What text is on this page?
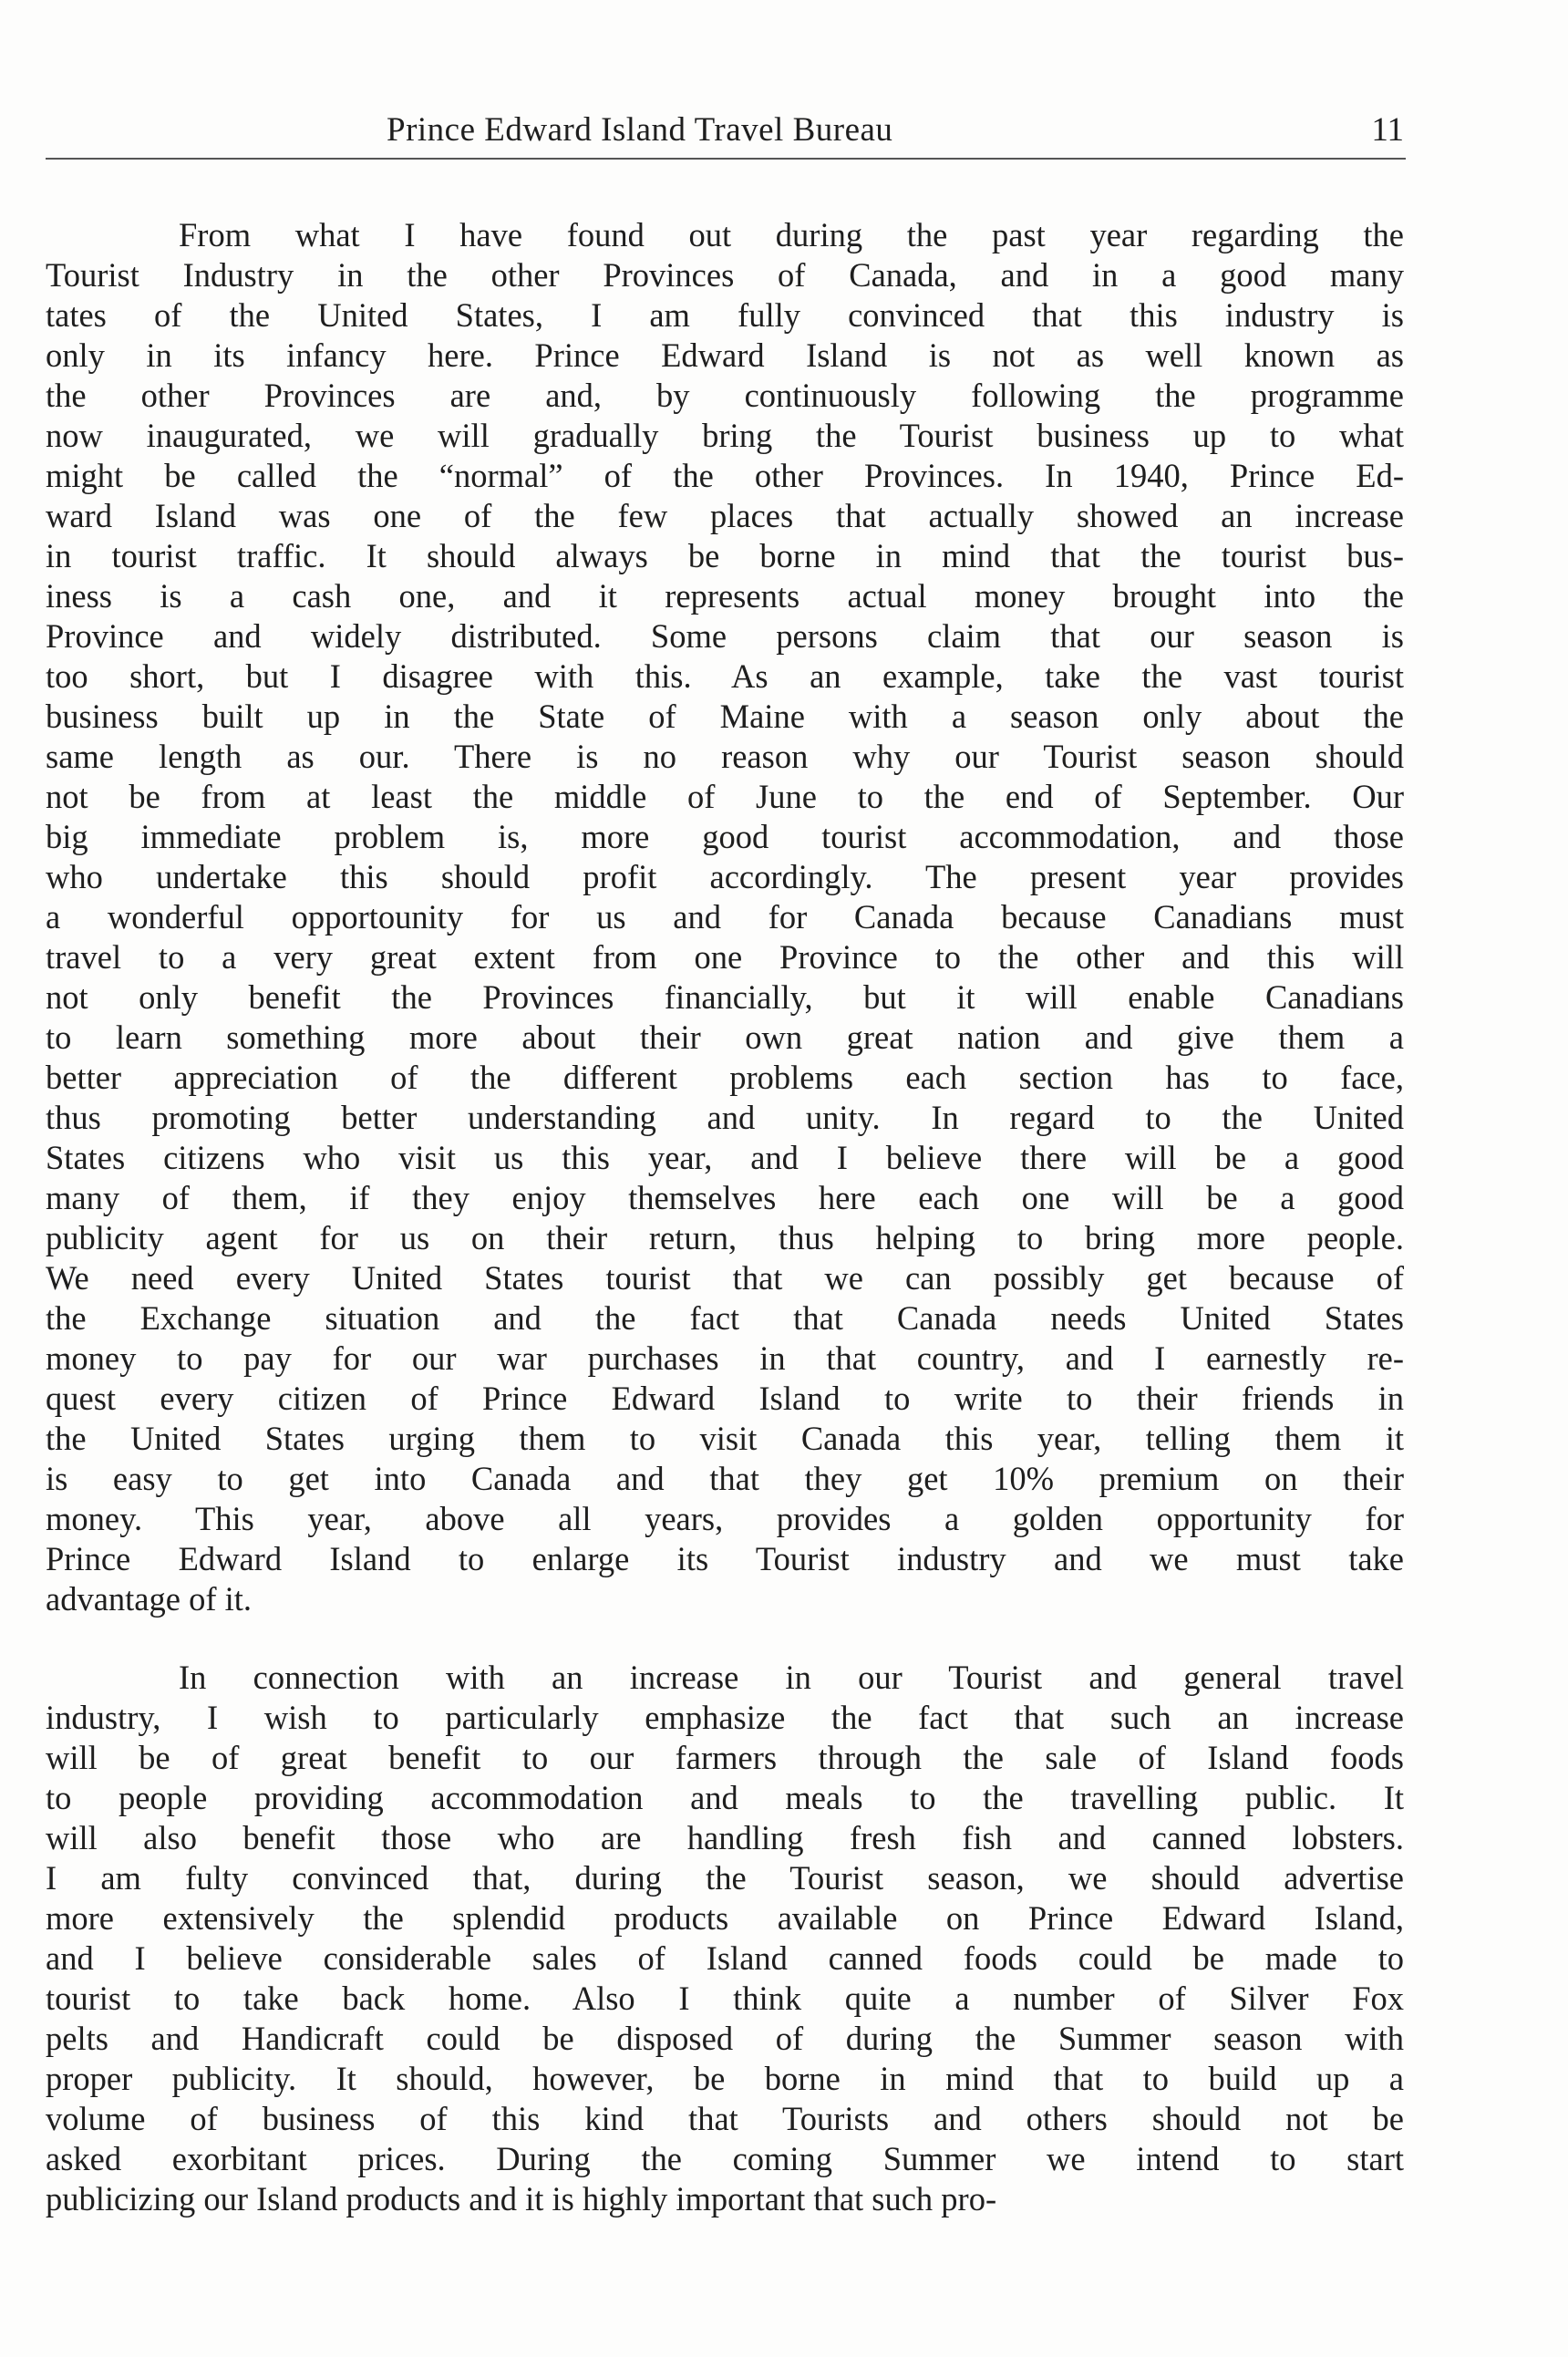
Prince Edward Island Travel Bureau	11
From what I have found out during the past year regarding the
Tourist Industry in the other Provinces of Canada, and in a good many
tates of the United States, I am fully convinced that this industry is
only in its infancy here. Prince Edward Island is not as well known as
the other Provinces are and, by continuously following the programme
now inaugurated, we will gradually bring the Tourist business up to what
might be called the “normal” of the other Provinces. In 1940, Prince Ed-
ward Island was one of the few places that actually showed an increase
in tourist traffic. It should always be borne in mind that the tourist bus-
iness is a cash one, and it represents actual money brought into the
Province and widely distributed. Some persons claim that our season is
too short, but I disagree with this. As an example, take the vast tourist
business built up in the State of Maine with a season only about the
same length as our. There is no reason why our Tourist season should
not be from at least the middle of June to the end of September. Our
big immediate problem is, more good tourist accommodation, and those
who undertake this should profit accordingly. The present year provides
a wonderful opportounity for us and for Canada because Canadians must
travel to a very great extent from one Province to the other and this will
not only benefit the Provinces financially, but it will enable Canadians
to learn something more about their own great nation and give them a
better appreciation of the different problems each section has to face,
thus promoting better understanding and unity. In regard to the United
States citizens who visit us this year, and I believe there will be a good
many of them, if they enjoy themselves here each one will be a good
publicity agent for us on their return, thus helping to bring more people.
We need every United States tourist that we can possibly get because of
the Exchange situation and the fact that Canada needs United States
money to pay for our war purchases in that country, and I earnestly re-
quest every citizen of Prince Edward Island to write to their friends in
the United States urging them to visit Canada this year, telling them it
is easy to get into Canada and that they get 10% premium on their
money. This year, above all years, provides a golden opportunity for
Prince Edward Island to enlarge its Tourist industry and we must take
advantage of it.
In connection with an increase in our Tourist and general travel
industry, I wish to particularly emphasize the fact that such an increase
will be of great benefit to our farmers through the sale of Island foods
to people providing accommodation and meals to the travelling public. It
will also benefit those who are handling fresh fish and canned lobsters.
I am fulty convinced that, during the Tourist season, we should advertise
more extensively the splendid products available on Prince Edward Island,
and I believe considerable sales of Island canned foods could be made to
tourist to take back home. Also I think quite a number of Silver Fox
pelts and Handicraft could be disposed of during the Summer season with
proper publicity. It should, however, be borne in mind that to build up a
volume of business of this kind that Tourists and others should not be
asked exorbitant prices. During the coming Summer we intend to start
publicizing our Island products and it is highly important that such pro-
